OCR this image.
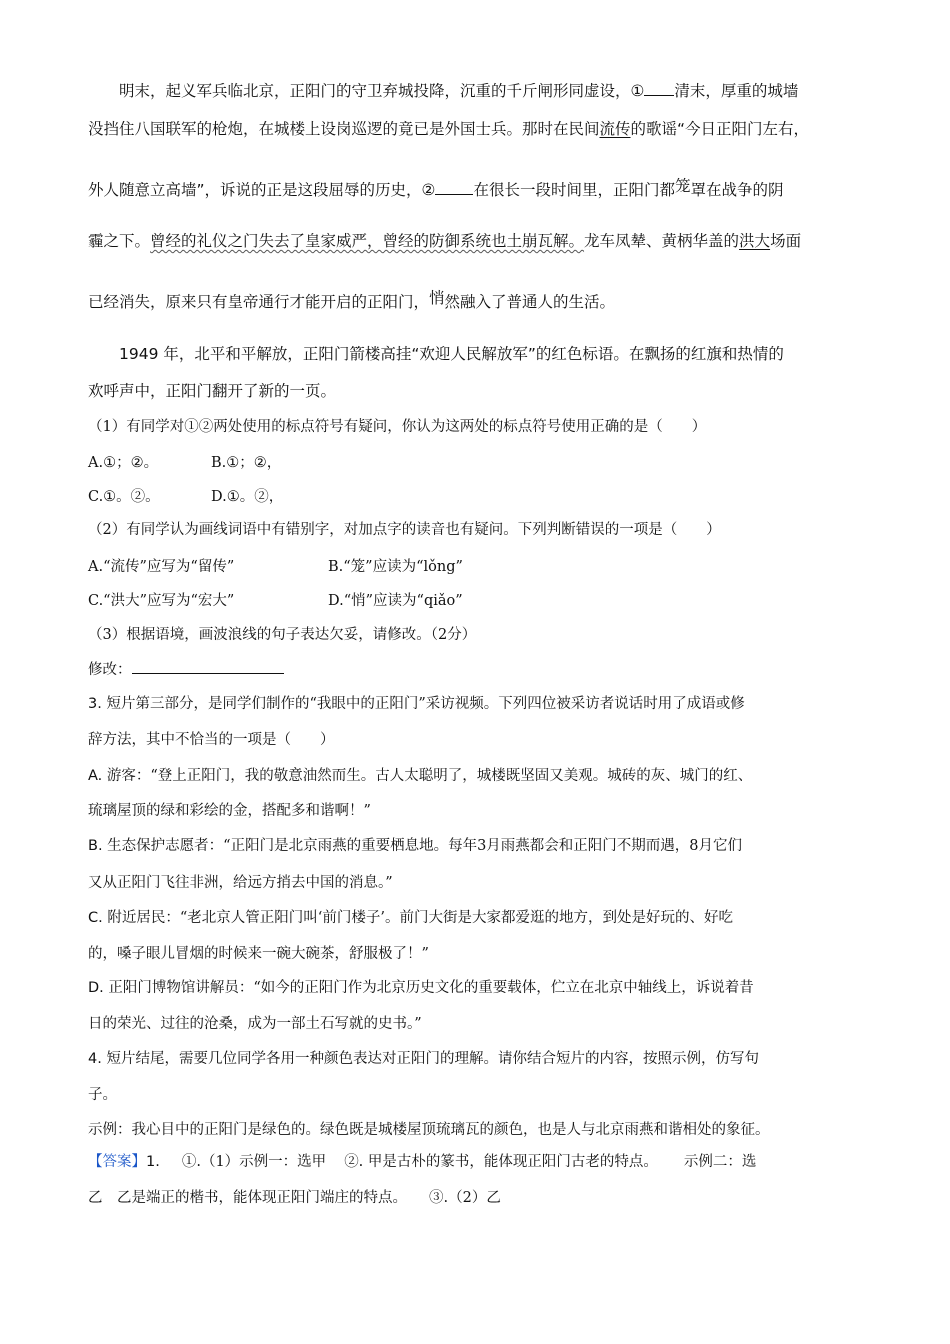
明末，起义军兵临北京，正阳门的守卫弃城投降，沉重的千斤闸形同虚设，① 清末，厚重的城墙
没挡住八国联军的枪炮，在城楼上设岗巡逻的竟已是外国士兵。那时在民间流传的歌谣“今日正阳门左右，
外人随意立高墙”，诉说的正是这段屈辱的历史，② 在很长一段时间里，正阳门都笼罩在战争的阴
霾之下。曾经的礼仪之门失去了皇家威严，曾经的防御系统也土崩瓦解。龙车凤辇、黄柄华盖的洪大场面
已经消失，原来只有皇帝通行才能开启的正阳门，悄然融入了普通人的生活。
1949 年，北平和平解放，正阳门箭楼高挂“欢迎人民解放军”的红色标语。在飘扬的红旗和热情的
欢呼声中，正阳门翻开了新的一页。
（1）有同学对①②两处使用的标点符号有疑问，你认为这两处的标点符号使用正确的是（　　）
A.①；②。	B.①；②，
C.①。②。	D.①。②，
（2）有同学认为画线词语中有错别字，对加点字的读音也有疑问。下列判断错误的一项是（　　）
A.“流传”应写为“留传”	B.“笼”应读为“lǒng”
C.“洪大”应写为“宏大”	D.“悄”应读为“qiǎo”
（3）根据语境，画波浪线的句子表达欠妥，请修改。（2分）
修改：
3. 短片第三部分，是同学们制作的“我眼中的正阳门”采访视频。下列四位被采访者说话时用了成语或修
辞方法，其中不恰当的一项是（　　）
A. 游客：“登上正阳门，我的敬意油然而生。古人太聪明了，城楼既坚固又美观。城砖的灰、城门的红、
琉璃屋顶的绿和彩绘的金，搭配多和谐啊！”
B. 生态保护志愿者：“正阳门是北京雨燕的重要栖息地。每年3月雨燕都会和正阳门不期而遇，8月它们
又从正阳门飞往非洲，给远方捎去中国的消息。”
C. 附近居民：“老北京人管正阳门叫‘前门楼子’。前门大街是大家都爱逛的地方，到处是好玩的、好吃
的，嗓子眼儿冒烟的时候来一碗大碗茶，舒服极了！”
D. 正阳门博物馆讲解员：“如今的正阳门作为北京历史文化的重要载体，伫立在北京中轴线上，诉说着昔
日的荣光、过往的沧桑，成为一部土石写就的史书。”
4. 短片结尾，需要几位同学各用一种颜色表达对正阳门的理解。请你结合短片的内容，按照示例，仿写句
子。
示例：我心目中的正阳门是绿色的。绿色既是城楼屋顶琉璃瓦的颜色，也是人与北京雨燕和谐相处的象征。
【答案】1. ①.（1）示例一：选甲 ②. 甲是古朴的篆书，能体现正阳门古老的特点。 示例二：选
乙　乙是端正的楷书，能体现正阳门端庄的特点。 ③.（2）乙
